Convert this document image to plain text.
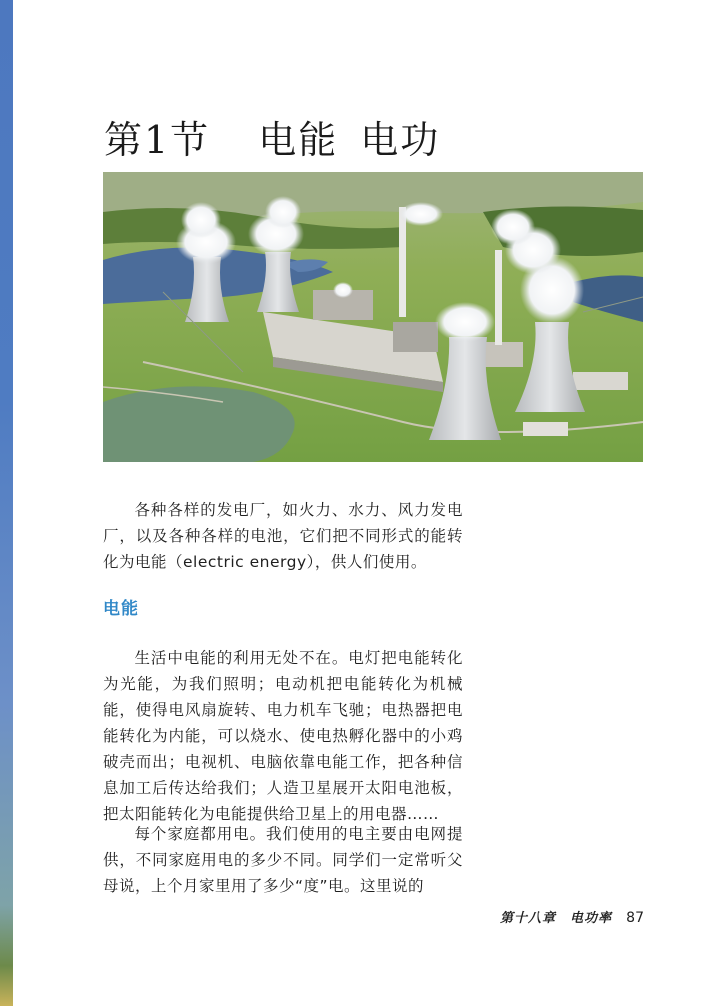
第1节 电能 电功

各种各样的发电厂，如火力、水力、风力发电厂，以及各种各样的电池，它们把不同形式的能转化为电能（electric energy），供人们使用。

电能

生活中电能的利用无处不在。电灯把电能转化为光能，为我们照明；电动机把电能转化为机械能，使得电风扇旋转、电力机车飞驰；电热器把电能转化为内能，可以烧水、使电热孵化器中的小鸡破壳而出；电视机、电脑依靠电能工作，把各种信息加工后传达给我们；人造卫星展开太阳电池板，把太阳能转化为电能提供给卫星上的用电器……

每个家庭都用电。我们使用的电主要由电网提供，不同家庭用电的多少不同。同学们一定常听父母说，上个月家里用了多少“度”电。这里说的

第十八章　电功率 87
